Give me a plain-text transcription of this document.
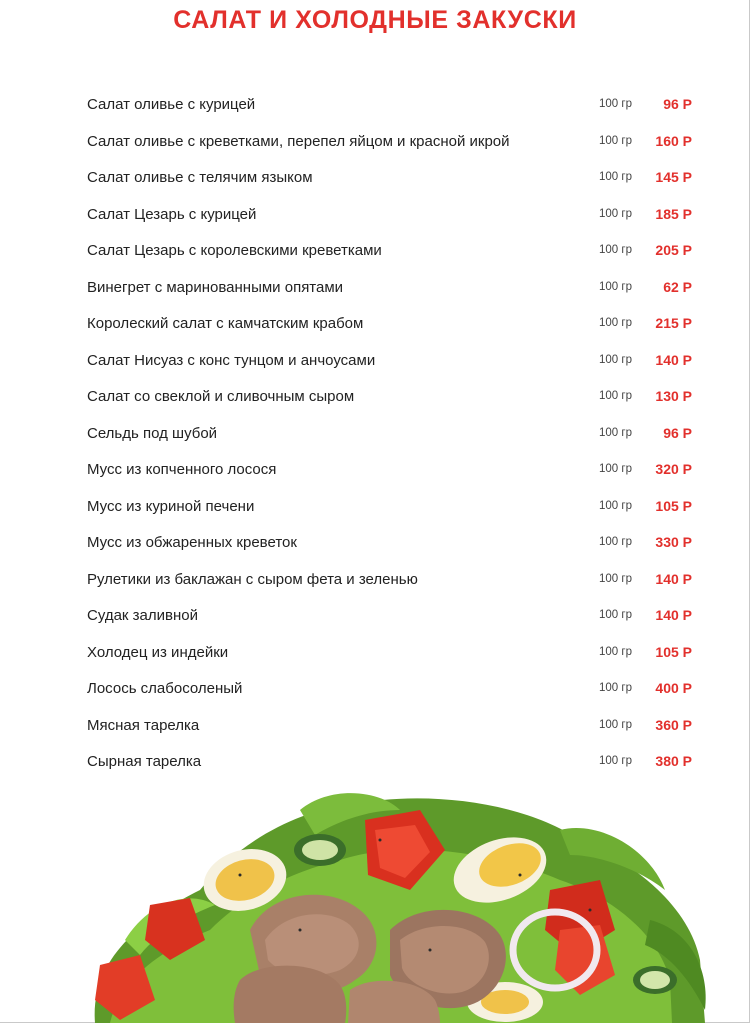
САЛАТ И ХОЛОДНЫЕ ЗАКУСКИ
Салат оливье с курицей	100 гр 96 Р
Салат оливье с креветками, перепел яйцом и красной икрой	100 гр 160 Р
Салат оливье с телячим языком	100 гр 145 Р
Салат Цезарь с курицей	100 гр 185 Р
Салат Цезарь с королевскими креветками	100 гр 205 Р
Винегрет с маринованными опятами	100 гр 62 Р
Королеский салат с камчатским крабом	100 гр 215 Р
Салат Нисуаз с конс тунцом и анчоусами	100 гр 140 Р
Салат со свеклой и сливочным сыром	100 гр 130 Р
Сельдь под шубой	100 гр 96 Р
Мусс из копченного лосося	100 гр 320 Р
Мусс из куриной печени	100 гр 105 Р
Мусс из обжаренных креветок	100 гр 330 Р
Рулетики из баклажан с сыром фета и зеленью	100 гр 140 Р
Судак заливной	100 гр 140 Р
Холодец из индейки	100 гр 105 Р
Лосось слабосоленый	100 гр 400 Р
Мясная тарелка	100 гр 360 Р
Сырная тарелка	100 гр 380 Р
